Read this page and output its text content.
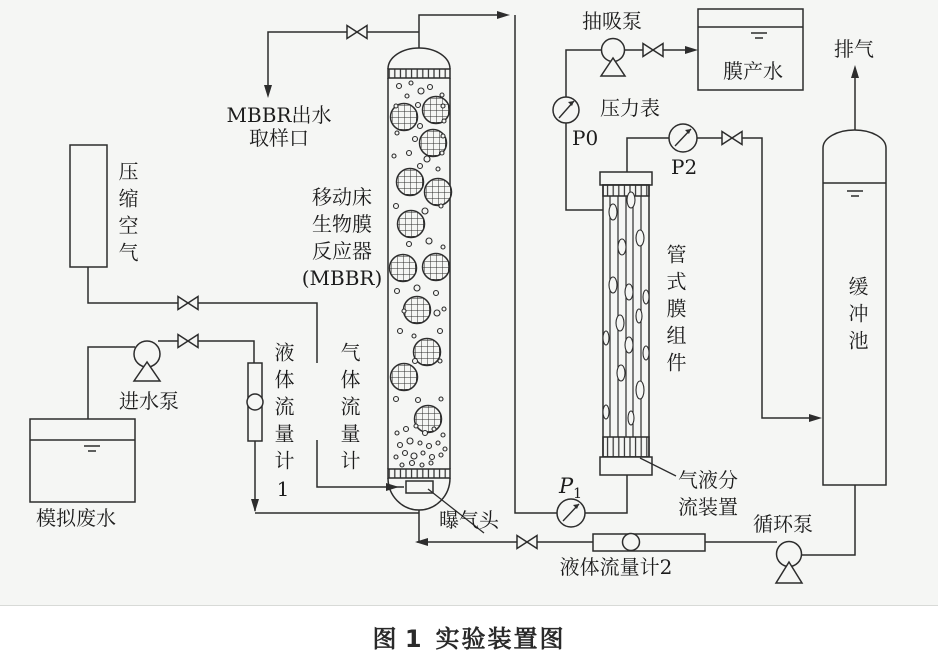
MBBR出水
取样口
压缩空气
进水泵
模拟废水
液体流量计1 气体流量计
移动床
生物膜
反应器
(MBBR)
曝气头
抽吸泵
压力表
P0
P2
$P_1$
膜产水
排气
管式膜组件
气液分
流装置
缓冲池
循环泵
液体流量计2
图 1 实验装置图
